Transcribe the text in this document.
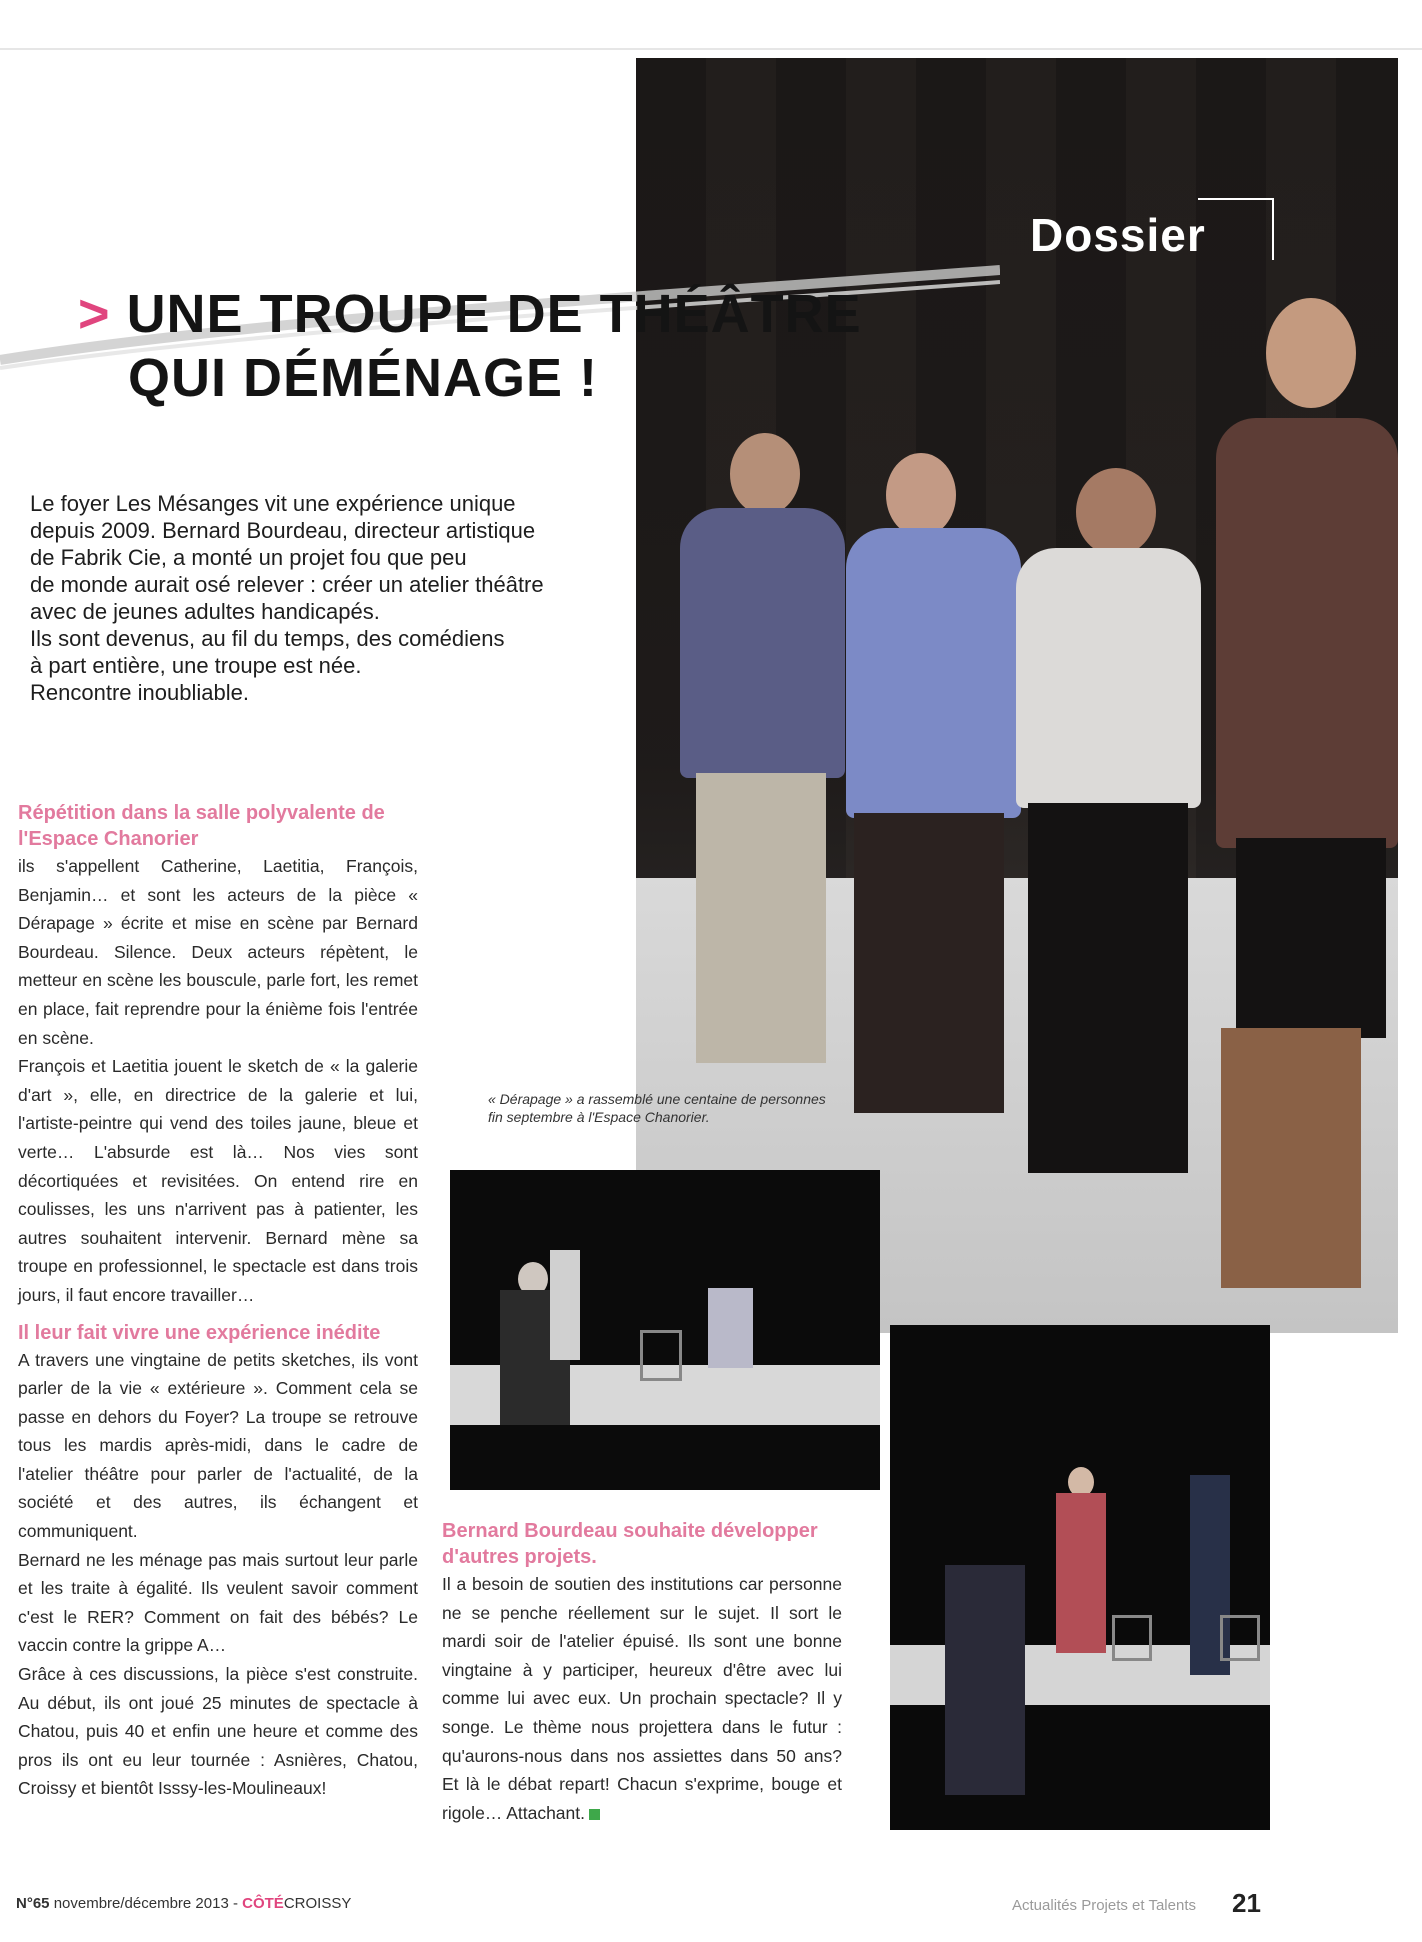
Dossier
> UNE TROUPE DE THÉÂTRE
QUI DÉMÉNAGE !

Le foyer Les Mésanges vit une expérience unique

depuis 2009. Bernard Bourdeau, directeur artistique

de Fabrik Cie, a monté un projet fou que peu

de monde aurait osé relever : créer un atelier théâtre

avec de jeunes adultes handicapés.

Ils sont devenus, au fil du temps, des comédiens

à part entière, une troupe est née.

Rencontre inoubliable.

Répétition dans la salle polyvalente de l'Espace Chanorier

ils s'appellent Catherine, Laetitia, François, Benjamin… et sont les acteurs de la pièce « Dérapage » écrite et mise en scène par Bernard Bourdeau. Silence. Deux acteurs répètent, le metteur en scène les bouscule, parle fort, les remet en place, fait reprendre pour la énième fois l'entrée en scène.

François et Laetitia jouent le sketch de « la galerie d'art », elle, en directrice de la galerie et lui, l'artiste-peintre qui vend des toiles jaune, bleue et verte… L'absurde est là… Nos vies sont décortiquées et revisitées. On entend rire en coulisses, les uns n'arrivent pas à patienter, les autres souhaitent intervenir. Bernard mène sa troupe en professionnel, le spectacle est dans trois jours, il faut encore travailler…

Il leur fait vivre une expérience inédite

A travers une vingtaine de petits sketches, ils vont parler de la vie « extérieure ». Comment cela se passe en dehors du Foyer? La troupe se retrouve tous les mardis après-midi, dans le cadre de l'atelier théâtre pour parler de l'actualité, de la société et des autres, ils échangent et communiquent.

Bernard ne les ménage pas mais surtout leur parle et les traite à égalité. Ils veulent savoir comment c'est le RER? Comment on fait des bébés? Le vaccin contre la grippe A…

Grâce à ces discussions, la pièce s'est construite. Au début, ils ont joué 25 minutes de spectacle à Chatou, puis 40 et enfin une heure et comme des pros ils ont eu leur tournée : Asnières, Chatou, Croissy et bientôt Isssy-les-Moulineaux!

« Dérapage » a rassemblé une centaine de personnes
fin septembre à l'Espace Chanorier.

Bernard Bourdeau souhaite développer d'autres projets.

Il a besoin de soutien des institutions car personne ne se penche réellement sur le sujet. Il sort le mardi soir de l'atelier épuisé. Ils sont une bonne vingtaine à y participer, heureux d'être avec lui comme lui avec eux. Un prochain spectacle? Il y songe. Le thème nous projettera dans le futur : qu'aurons-nous dans nos assiettes dans 50 ans? Et là le débat repart! Chacun s'exprime, bouge et rigole… Attachant.

N°65 novembre/décembre 2013 - CÔTÉCROISSY	Actualités Projets et Talents 21
